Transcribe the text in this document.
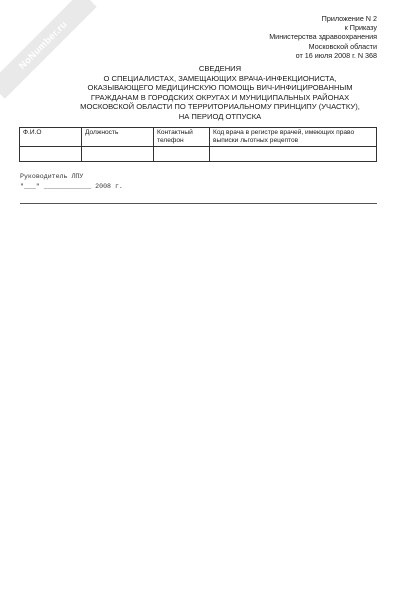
NoNumber.ru
Приложение N 2
к Приказу
Министерства здравоохранения
Московской области
от 16 июля 2008 г. N 368
СВЕДЕНИЯ
О СПЕЦИАЛИСТАХ, ЗАМЕЩАЮЩИХ ВРАЧА-ИНФЕКЦИОНИСТА,
ОКАЗЫВАЮЩЕГО МЕДИЦИНСКУЮ ПОМОЩЬ ВИЧ-ИНФИЦИРОВАННЫМ
ГРАЖДАНАМ В ГОРОДСКИХ ОКРУГАХ И МУНИЦИПАЛЬНЫХ РАЙОНАХ
МОСКОВСКОЙ ОБЛАСТИ ПО ТЕРРИТОРИАЛЬНОМУ ПРИНЦИПУ (УЧАСТКУ),
НА ПЕРИОД ОТПУСКА
Ф.И.О	Должность	Контактный телефон	Код врача в регистре врачей, имеющих право выписки льготных рецептов

Руководитель ЛПУ
"___" ____________ 2008 г.
